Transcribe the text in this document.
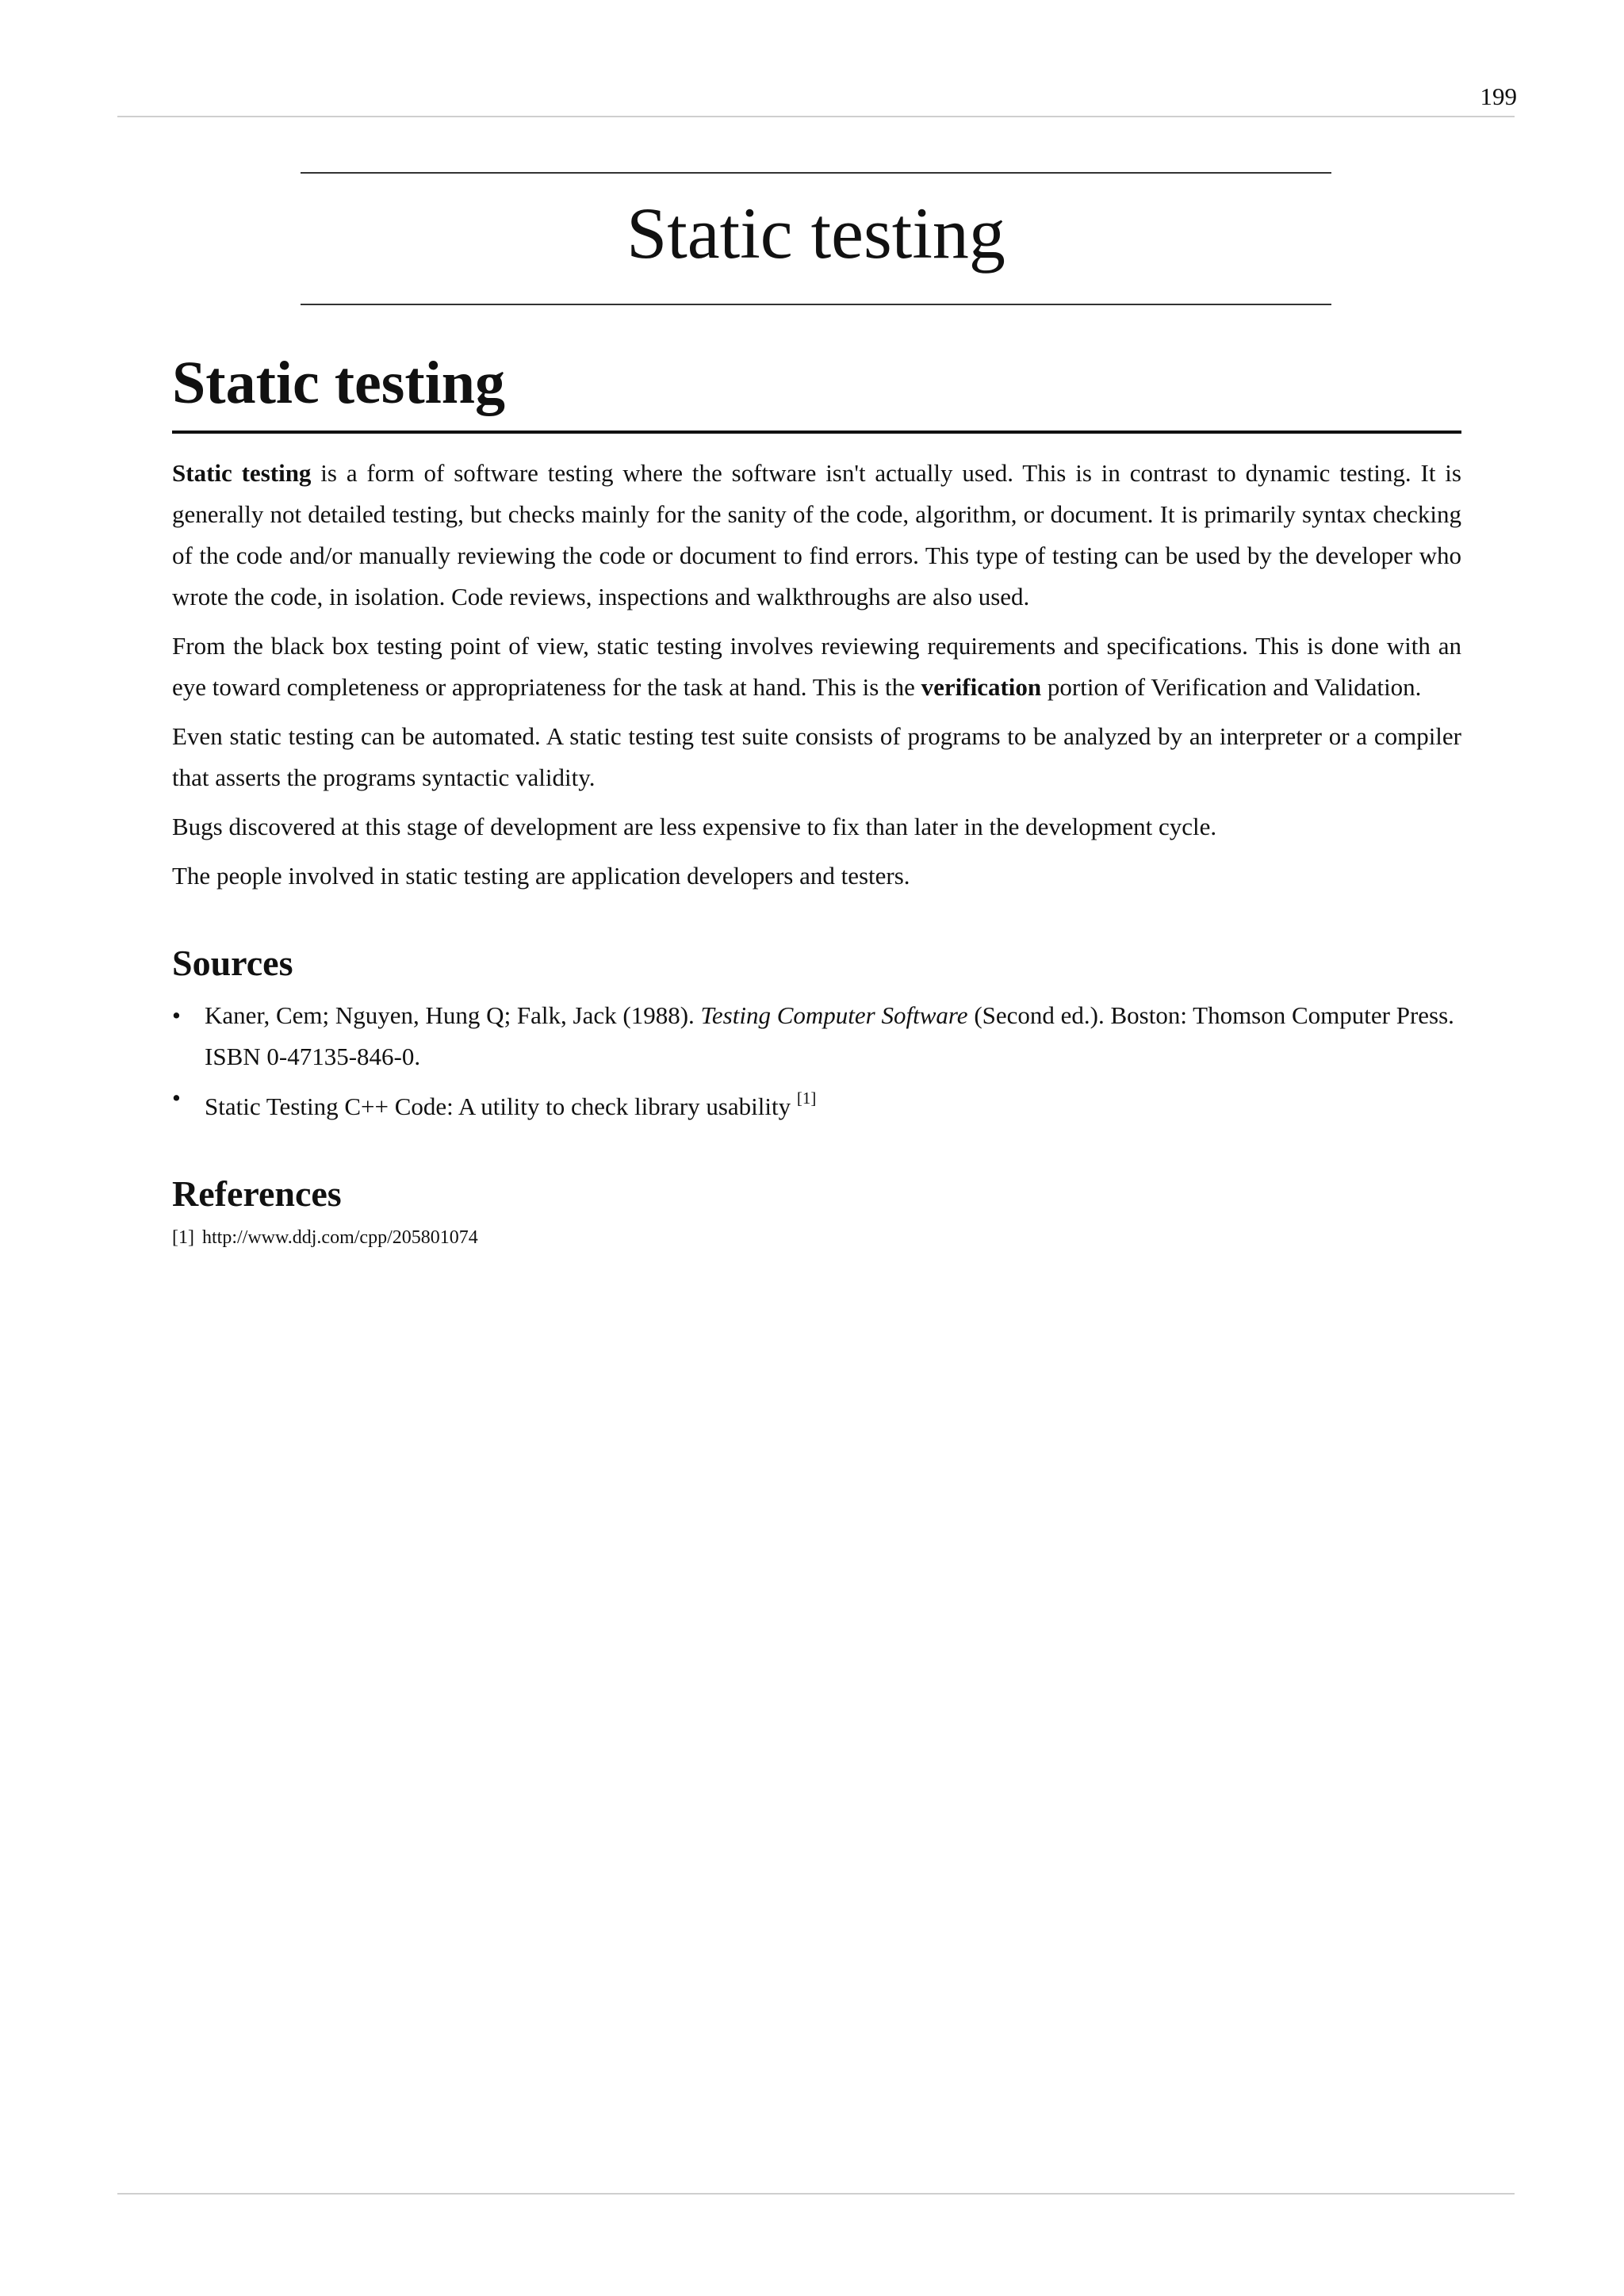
199
Static testing
Static testing

Static testing is a form of software testing where the software isn't actually used. This is in contrast to dynamic testing. It is generally not detailed testing, but checks mainly for the sanity of the code, algorithm, or document. It is primarily syntax checking of the code and/or manually reviewing the code or document to find errors. This type of testing can be used by the developer who wrote the code, in isolation. Code reviews, inspections and walkthroughs are also used.

From the black box testing point of view, static testing involves reviewing requirements and specifications. This is done with an eye toward completeness or appropriateness for the task at hand. This is the verification portion of Verification and Validation.

Even static testing can be automated. A static testing test suite consists of programs to be analyzed by an interpreter or a compiler that asserts the programs syntactic validity.

Bugs discovered at this stage of development are less expensive to fix than later in the development cycle.

The people involved in static testing are application developers and testers.

Sources
• Kaner, Cem; Nguyen, Hung Q; Falk, Jack (1988). Testing Computer Software (Second ed.). Boston: Thomson Computer Press. ISBN 0-47135-846-0.
• Static Testing C++ Code: A utility to check library usability [1]
References
[1] http://www.ddj.com/cpp/205801074
